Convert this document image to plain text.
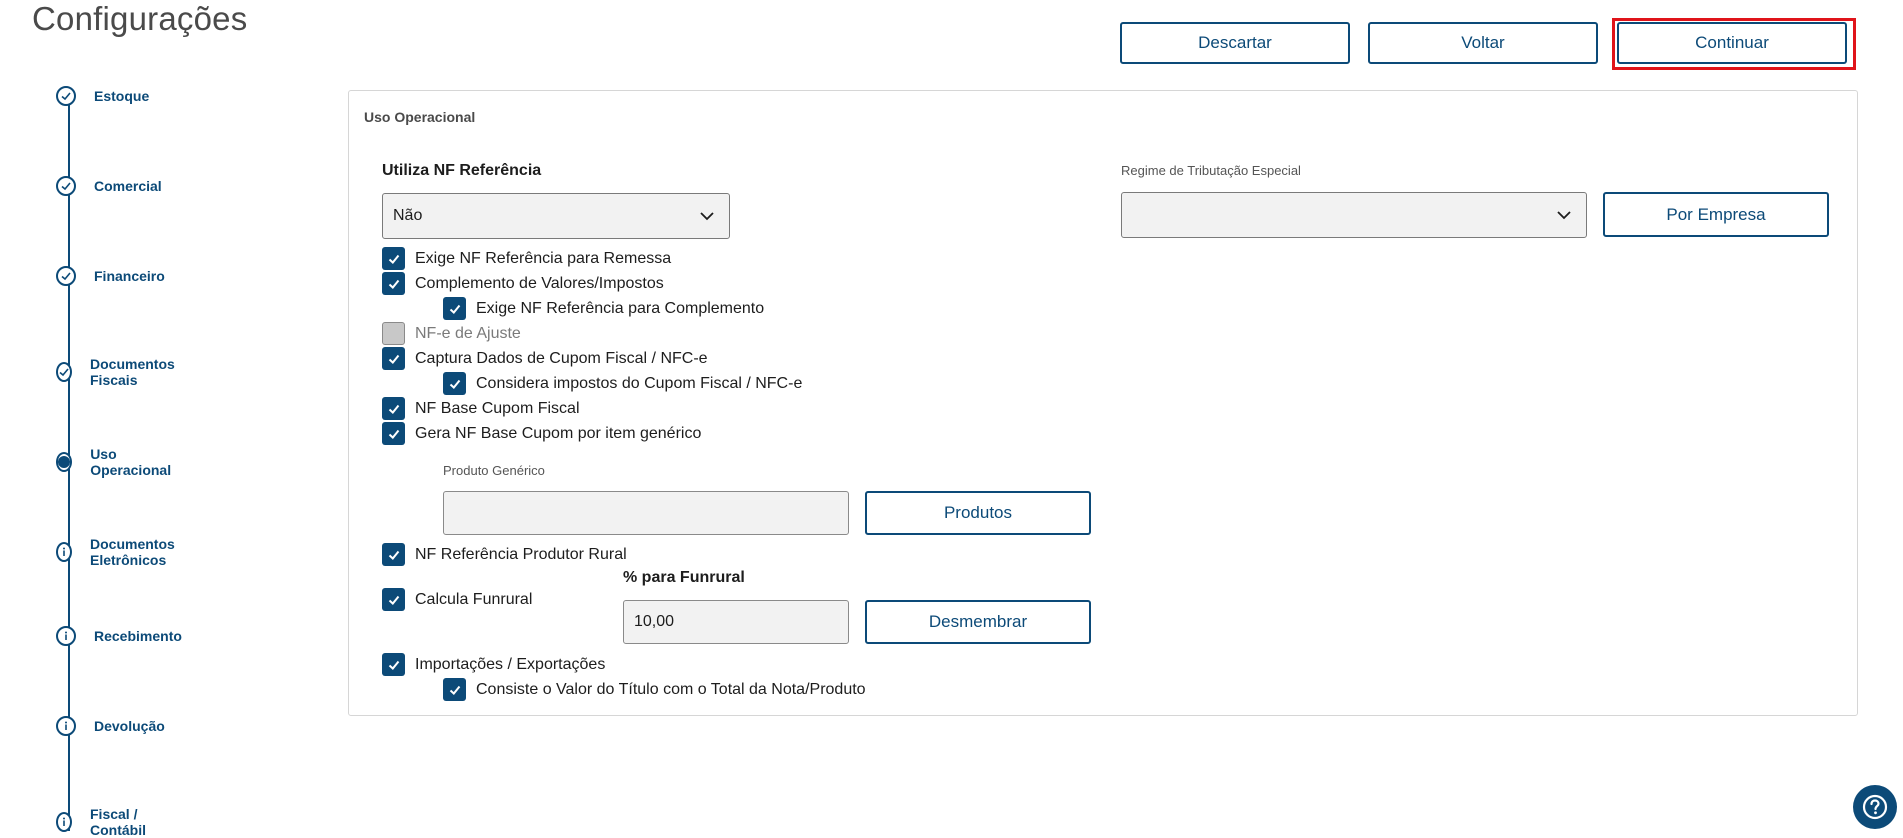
Configurações
Descartar	Voltar	Continuar
Estoque
Comercial
Financeiro
Documentos Fiscais
Uso Operacional
Documentos Eletrônicos
Recebimento
Devolução
Fiscal / Contábil
Uso Operacional
Utiliza NF Referência
Não
Regime de Tributação Especial
Por Empresa
Exige NF Referência para Remessa
Complemento de Valores/Impostos
Exige NF Referência para Complemento
NF-e de Ajuste
Captura Dados de Cupom Fiscal / NFC-e
Considera impostos do Cupom Fiscal / NFC-e
NF Base Cupom Fiscal
Gera NF Base Cupom por item genérico
Produto Genérico
Produtos
NF Referência Produtor Rural
% para Funrural
Calcula Funrural
10,00	Desmembrar
Importações / Exportações
Consiste o Valor do Título com o Total da Nota/Produto
